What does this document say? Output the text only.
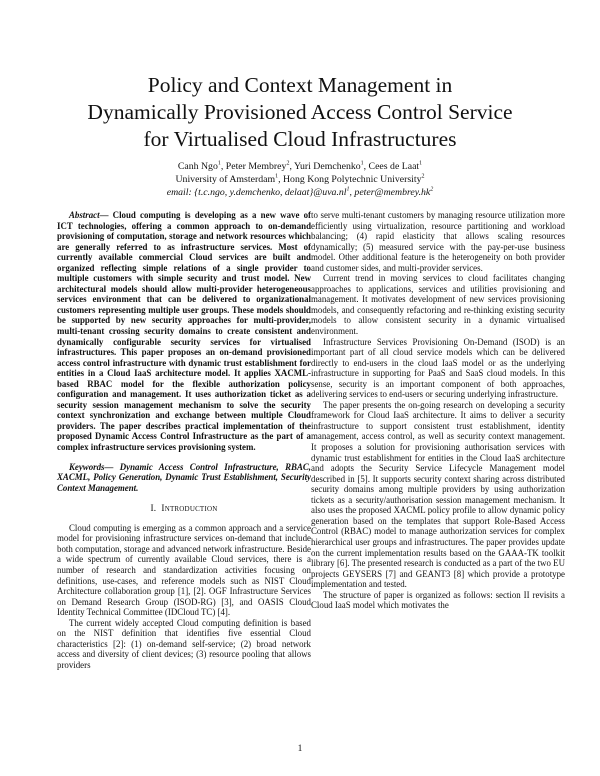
Policy and Context Management in
Dynamically Provisioned Access Control Service
for Virtualised Cloud Infrastructures
Canh Ngo$^1$, Peter Membrey$^2$, Yuri Demchenko$^1$, Cees de Laat$^1$
University of Amsterdam$^1$, Hong Kong Polytechnic University$^2$
email: {t.c.ngo, y.demchenko, $delaat\}@uva.nl^1$, $peter@membrey.hk^2$

Abstract— Cloud computing is developing as a new wave of ICT technologies, offering a common approach to on-demand provisioning of computation, storage and network resources which are generally referred to as infrastructure services. Most of currently available commercial Cloud services are built and organized reflecting simple relations of a single provider to multiple customers with simple security and trust model. New architectural models should allow multi-provider heterogeneous services environment that can be delivered to organizational customers representing multiple user groups. These models should be supported by new security approaches for multi-provider, multi-tenant crossing security domains to create consistent and dynamically configurable security services for virtualised infrastructures. This paper proposes an on-demand provisioned access control infrastructure with dynamic trust establishment for entities in a Cloud IaaS architecture model. It applies XACML-based RBAC model for the flexible authorization policy configuration and management. It uses authorization ticket as a security session management mechanism to solve the security context synchronization and exchange between multiple Cloud providers. The paper describes practical implementation of the proposed Dynamic Access Control Infrastructure as the part of a complex infrastructure services provisioning system.

Keywords— Dynamic Access Control Infrastructure, RBAC, XACML, Policy Generation, Dynamic Trust Establishment, Security Context Management.

I. Introduction

Cloud computing is emerging as a common approach and a service model for provisioning infrastructure services on-demand that include both computation, storage and advanced network infrastructure. Beside a wide spectrum of currently available Cloud services, there is a number of research and standardization activities focusing on definitions, use-cases, and reference models such as NIST Cloud Architecture collaboration group [1], [2]. OGF Infrastructure Services on Demand Research Group (ISOD-RG) [3], and OASIS Cloud Identity Technical Committee (IDCloud TC) [4].

The current widely accepted Cloud computing definition is based on the NIST definition that identifies five essential Cloud characteristics [2]: (1) on-demand self-service; (2) broad network access and diversity of client devices; (3) resource pooling that allows providers

to serve multi-tenant customers by managing resource utilization more efficiently using virtualization, resource partitioning and workload balancing; (4) rapid elasticity that allows scaling resources dynamically; (5) measured service with the pay-per-use business model. Other additional feature is the heterogeneity on both provider and customer sides, and multi-provider services.

Current trend in moving services to cloud facilitates changing approaches to applications, services and utilities provisioning and management. It motivates development of new services provisioning models, and consequently refactoring and re-thinking existing security models to allow consistent security in a dynamic virtualised environment.

Infrastructure Services Provisioning On-Demand (ISOD) is an important part of all cloud service models which can be delivered directly to end-users in the cloud IaaS model or as the underlying infrastructure in supporting for PaaS and SaaS cloud models. In this sense, security is an important component of both approaches, delivering services to end-users or securing underlying infrastructure.

The paper presents the on-going research on developing a security framework for Cloud IaaS architecture. It aims to deliver a security infrastructure to support consistent trust establishment, identity management, access control, as well as security context management. It proposes a solution for provisioning authorisation services with dynamic trust establishment for entities in the Cloud IaaS architecture and adopts the Security Service Lifecycle Management model described in [5]. It supports security context sharing across distributed security domains among multiple providers by using authorization tickets as a security/authorisation session management mechanism. It also uses the proposed XACML policy profile to allow dynamic policy generation based on the templates that support Role-Based Access Control (RBAC) model to manage authorization services for complex hierarchical user groups and infrastructures. The paper provides update on the current implementation results based on the GAAA-TK toolkit library [6]. The presented research is conducted as a part of the two EU projects GEYSERS [7] and GEANT3 [8] which provide a prototype implementation and tested.

The structure of paper is organized as follows: section II revisits a Cloud IaaS model which motivates the

1
